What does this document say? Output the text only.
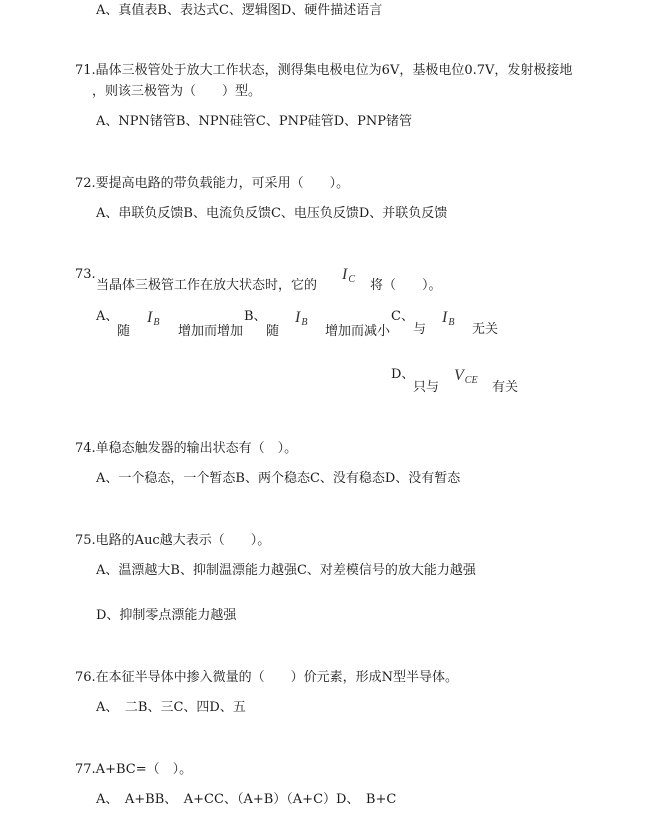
A、真值表B、表达式C、逻辑图D、硬件描述语言
71.晶体三极管处于放大工作状态，测得集电极电位为6V，基极电位0.7V，发射极接地
，则该三极管为（　　）型。
A、NPN锗管B、NPN硅管C、PNP硅管D、PNP锗管
72.要提高电路的带负载能力，可采用（　　）。
A、串联负反馈B、电流负反馈C、电压负反馈D、并联负反馈
73.
当晶体三极管工作在放大状态时，它的
$I_C$ 将（　　）。
A、
随
$I_B$
增加而增加
B、
随
$I_B$
增加而减小
C、
与
$I_B$ 无关
D、
只与
$V_{CE}$ 有关
74.单稳态触发器的输出状态有（　）。
A、一个稳态，一个暂态B、两个稳态C、没有稳态D、没有暂态
75.电路的Auc越大表示（　　）。
A、温漂越大B、抑制温漂能力越强C、对差模信号的放大能力越强
D、抑制零点漂能力越强
76.在本征半导体中掺入微量的（　　）价元素，形成N型半导体。
A、　二B、三C、四D、五
77.A+BC=（　）。
A、　A+BB、　A+CC、（A+B）（A+C）D、　B+C
